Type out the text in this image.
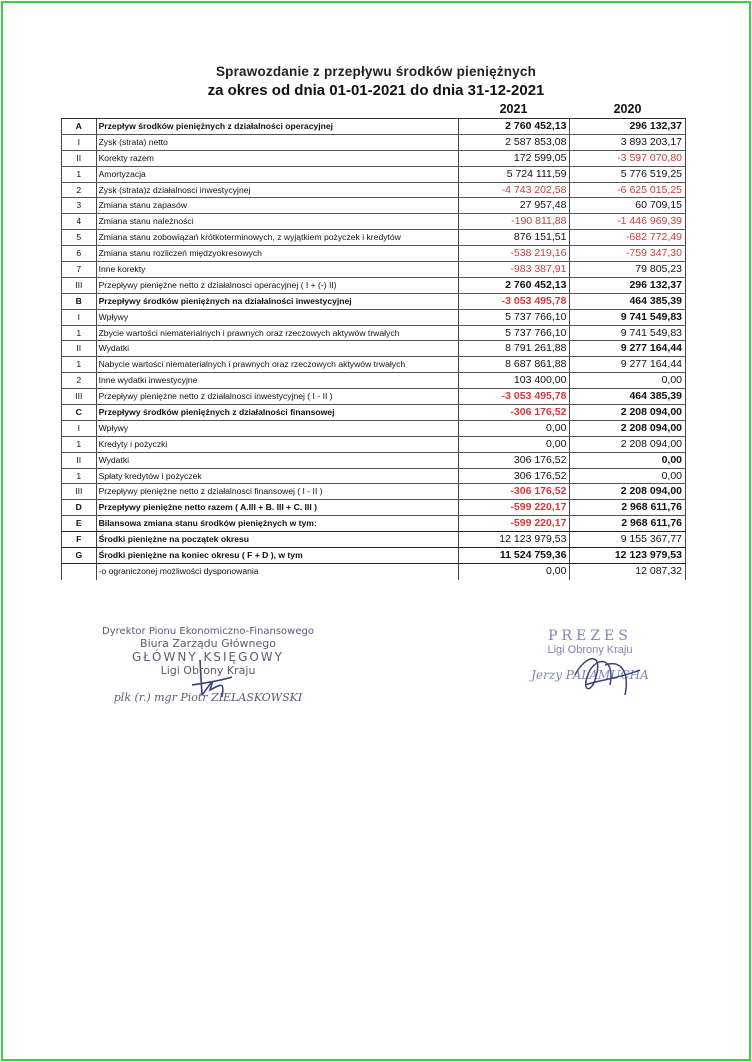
Sprawozdanie z przepływu środków pieniężnych
za okres od dnia 01-01-2021 do dnia 31-12-2021
2021	2020
A	Przepływ środków pieniężnych z działalności operacyjnej	2 760 452,13	296 132,37
I	Zysk (strata) netto	2 587 853,08	3 893 203,17
II	Korekty razem	172 599,05	-3 597 070,80
1	Amortyzacja	5 724 111,59	5 776 519,25
2	Zysk (strata)z działalnosci inwestycyjnej	-4 743 202,58	-6 625 015,25
3	Zmiana stanu zapasów	27 957,48	60 709,15
4	Zmiana stanu należności	-190 811,88	-1 446 969,39
5	Zmiana stanu zobowiązań krótkoterminowych, z wyjątkiem pożyczek i kredytów	876 151,51	-682 772,49
6	Zmiana stanu rozliczeń międzyokresowych	-538 219,16	-759 347,30
7	Inne korekty	-983 387,91	79 805,23
III	Przepływy pieniężne netto z działalnosci operacyjnej ( I + (-) II)	2 760 452,13	296 132,37
B	Przepływy środków pieniężnych na działalności inwestycyjnej	-3 053 495,78	464 385,39
I	Wpływy	5 737 766,10	9 741 549,83
1	Zbycie wartości niematerialnych i prawnych oraz rzeczowych aktywów trwałych	5 737 766,10	9 741 549,83
II	Wydatki	8 791 261,88	9 277 164,44
1	Nabycie wartości niematerialnych i prawnych oraz rzeczowych aktywów trwałych	8 687 861,88	9 277 164,44
2	Inne wydatki inwestycyjne	103 400,00	0,00
III	Przepływy pieniężne netto z działalnosci inwestycyjnej ( I - II )	-3 053 495,78	464 385,39
C	Przepływy środków pieniężnych z działalności finansowej	-306 176,52	2 208 094,00
I	Wpływy	0,00	2 208 094,00
1	Kredyty i pożyczki	0,00	2 208 094,00
II	Wydatki	306 176,52	0,00
1	Spłaty kredytów i pożyczek	306 176,52	0,00
III	Przepływy pieniężne netto z działalnosci finansowej ( I - II )	-306 176,52	2 208 094,00
D	Przepływy pieniężne netto razem ( A.III + B. III + C. III )	-599 220,17	2 968 611,76
E	Bilansowa zmiana stanu środków pieniężnych w tym:	-599 220,17	2 968 611,76
F	Środki pieniężne na początek okresu	12 123 979,53	9 155 367,77
G	Środki pieniężne na koniec okresu ( F + D ), w tym	11 524 759,36	12 123 979,53
-o ograniczonej możliwości dysponowania	0,00	12 087,32
Dyrektor Pionu Ekonomiczno-Finansowego
Biura Zarządu Głównego
GŁÓWNY KSIĘGOWY
Ligi Obrony Kraju
plk (r.) mgr Piotr ZIELASKOWSKI
PREZES
Ligi Obrony Kraju
Jerzy PALAMUCHA
